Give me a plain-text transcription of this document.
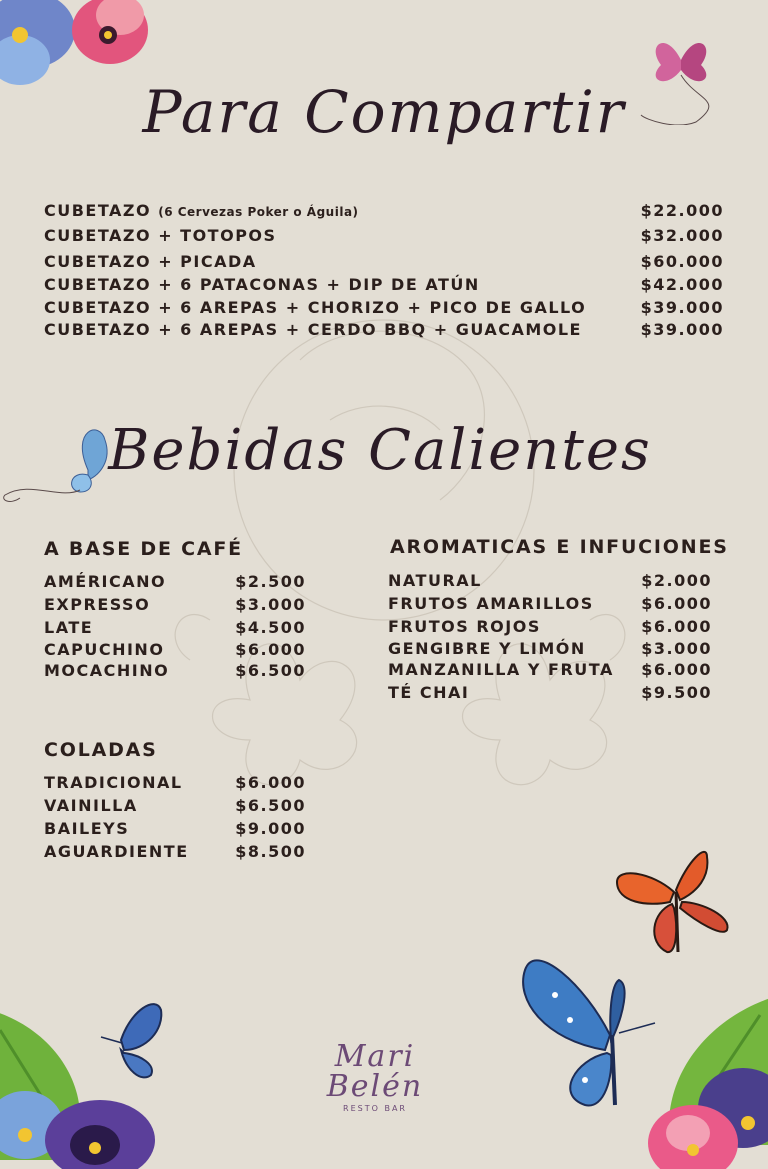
Para Compartir
CUBETAZO (6 Cervezas Poker o Águila)	$22.000
CUBETAZO + TOTOPOS	$32.000
CUBETAZO + PICADA	$60.000
CUBETAZO + 6 PATACONAS + DIP DE ATÚN	$42.000
CUBETAZO + 6 AREPAS + CHORIZO + PICO DE GALLO	$39.000
CUBETAZO + 6 AREPAS + CERDO BBQ + GUACAMOLE	$39.000
Bebidas Calientes
A BASE DE CAFÉ
AMÉRICANO	$2.500
EXPRESSO	$3.000
LATE	$4.500
CAPUCHINO	$6.000
MOCACHINO	$6.500
AROMATICAS E INFUCIONES
NATURAL	$2.000
FRUTOS AMARILLOS	$6.000
FRUTOS ROJOS	$6.000
GENGIBRE Y LIMÓN	$3.000
MANZANILLA Y FRUTA $6.000
TÉ CHAI	$9.500
COLADAS
TRADICIONAL	$6.000
VAINILLA	$6.500
BAILEYS	$9.000
AGUARDIENTE	$8.500
Mari
Belén
RESTO BAR
